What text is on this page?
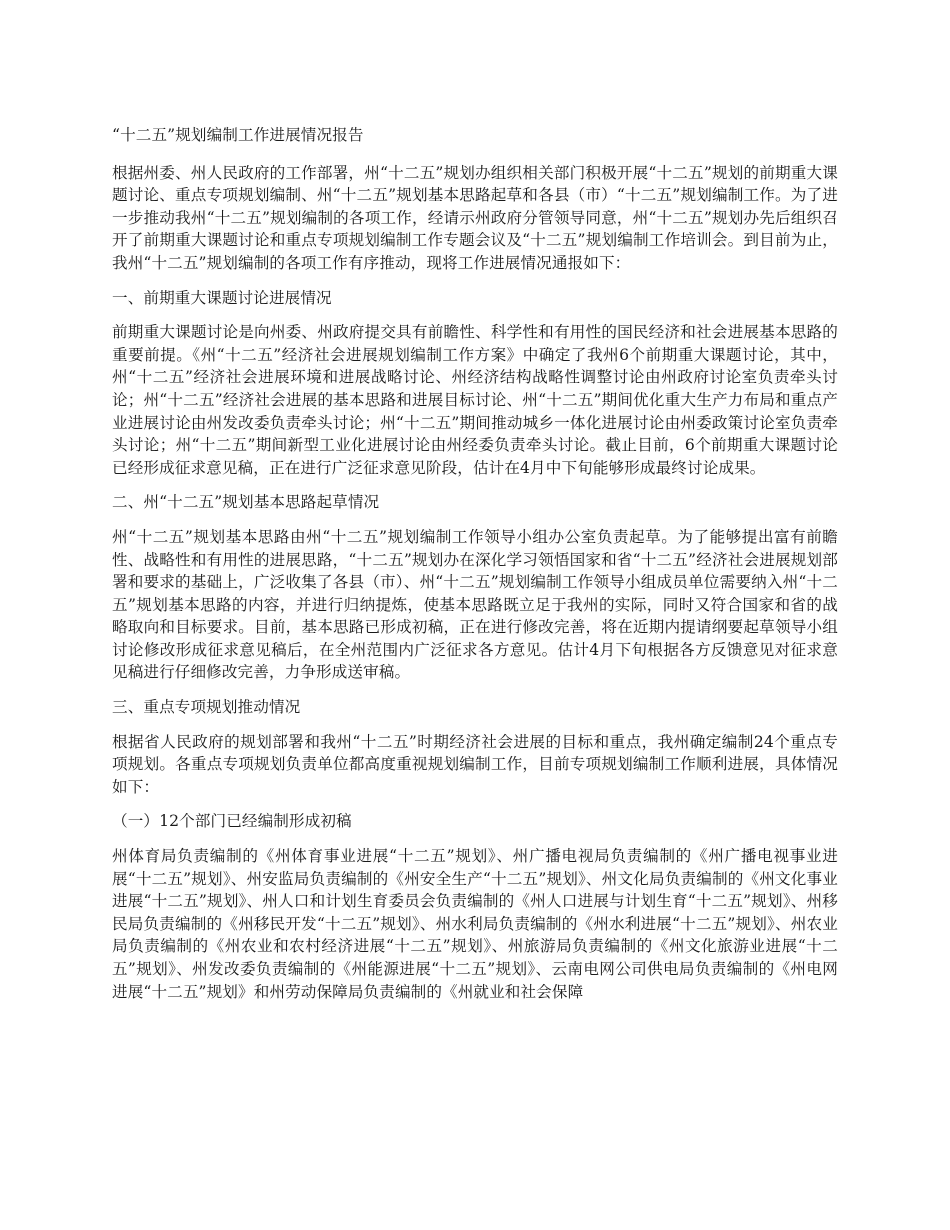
“十二五”规划编制工作进展情况报告

根据州委、州人民政府的工作部署，州“十二五”规划办组织相关部门积极开展“十二五”规划的前期重大课题讨论、重点专项规划编制、州“十二五”规划基本思路起草和各县（市）“十二五”规划编制工作。为了进一步推动我州“十二五”规划编制的各项工作，经请示州政府分管领导同意，州“十二五”规划办先后组织召开了前期重大课题讨论和重点专项规划编制工作专题会议及“十二五”规划编制工作培训会。到目前为止，我州“十二五”规划编制的各项工作有序推动，现将工作进展情况通报如下：

一、前期重大课题讨论进展情况

前期重大课题讨论是向州委、州政府提交具有前瞻性、科学性和有用性的国民经济和社会进展基本思路的重要前提。《州“十二五”经济社会进展规划编制工作方案》中确定了我州6个前期重大课题讨论，其中，州“十二五”经济社会进展环境和进展战略讨论、州经济结构战略性调整讨论由州政府讨论室负责牵头讨论；州“十二五”经济社会进展的基本思路和进展目标讨论、州“十二五”期间优化重大生产力布局和重点产业进展讨论由州发改委负责牵头讨论；州“十二五”期间推动城乡一体化进展讨论由州委政策讨论室负责牵头讨论；州“十二五”期间新型工业化进展讨论由州经委负责牵头讨论。截止目前，6个前期重大课题讨论已经形成征求意见稿，正在进行广泛征求意见阶段，估计在4月中下旬能够形成最终讨论成果。

二、州“十二五”规划基本思路起草情况

州“十二五”规划基本思路由州“十二五”规划编制工作领导小组办公室负责起草。为了能够提出富有前瞻性、战略性和有用性的进展思路，“十二五”规划办在深化学习领悟国家和省“十二五”经济社会进展规划部署和要求的基础上，广泛收集了各县（市）、州“十二五”规划编制工作领导小组成员单位需要纳入州“十二五”规划基本思路的内容，并进行归纳提炼，使基本思路既立足于我州的实际，同时又符合国家和省的战略取向和目标要求。目前，基本思路已形成初稿，正在进行修改完善，将在近期内提请纲要起草领导小组讨论修改形成征求意见稿后，在全州范围内广泛征求各方意见。估计4月下旬根据各方反馈意见对征求意见稿进行仔细修改完善，力争形成送审稿。

三、重点专项规划推动情况

根据省人民政府的规划部署和我州“十二五”时期经济社会进展的目标和重点，我州确定编制24个重点专项规划。各重点专项规划负责单位都高度重视规划编制工作，目前专项规划编制工作顺利进展，具体情况如下：

（一）12个部门已经编制形成初稿

州体育局负责编制的《州体育事业进展“十二五”规划》、州广播电视局负责编制的《州广播电视事业进展“十二五”规划》、州安监局负责编制的《州安全生产“十二五”规划》、州文化局负责编制的《州文化事业进展“十二五”规划》、州人口和计划生育委员会负责编制的《州人口进展与计划生育“十二五”规划》、州移民局负责编制的《州移民开发“十二五”规划》、州水利局负责编制的《州水利进展“十二五”规划》、州农业局负责编制的《州农业和农村经济进展“十二五”规划》、州旅游局负责编制的《州文化旅游业进展“十二五”规划》、州发改委负责编制的《州能源进展“十二五”规划》、云南电网公司供电局负责编制的《州电网进展“十二五”规划》和州劳动保障局负责编制的《州就业和社会保障
